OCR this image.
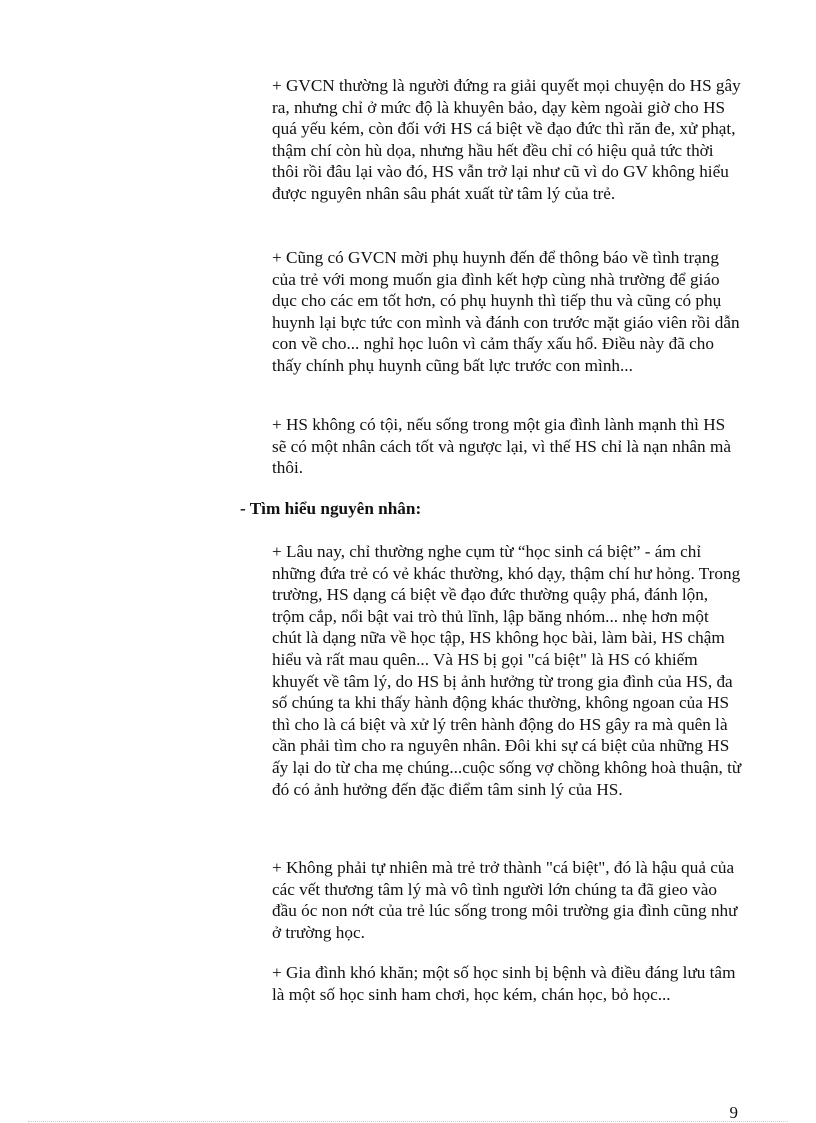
+ GVCN thường là người đứng ra giải quyết mọi chuyện do HS gây ra, nhưng chỉ ở mức độ là khuyên bảo, dạy kèm ngoài giờ cho HS quá yếu kém, còn đối với HS cá biệt về đạo đức thì răn đe, xử phạt, thậm chí còn hù dọa, nhưng hầu hết đều chỉ có hiệu quả tức thời thôi rồi đâu lại vào đó, HS vẫn trở lại như cũ vì do GV không hiểu được nguyên nhân sâu phát xuất từ tâm lý của trẻ.

+ Cũng có GVCN mời phụ huynh đến để thông báo về tình trạng của trẻ với mong muốn gia đình kết hợp cùng nhà trường để giáo dục cho các em tốt hơn, có phụ huynh thì tiếp thu và cũng có phụ huynh lại bực tức con mình và đánh con trước mặt giáo viên rồi dẫn con về cho... nghỉ học luôn vì cảm thấy xấu hổ. Điều này đã cho thấy chính phụ huynh cũng bất lực trước con mình...

+ HS không có tội, nếu sống trong một gia đình lành mạnh thì HS sẽ có một nhân cách tốt và ngược lại, vì thế HS chỉ là nạn nhân mà thôi.

- Tìm hiểu nguyên nhân:

+ Lâu nay, chỉ thường nghe cụm từ “học sinh cá biệt” - ám chỉ những đứa trẻ có vẻ khác thường, khó dạy, thậm chí hư hỏng. Trong trường, HS dạng cá biệt về đạo đức thường quậy phá, đánh lộn, trộm cắp, nổi bật vai trò thủ lĩnh, lập băng nhóm... nhẹ hơn một chút là dạng nữa về học tập, HS không học bài, làm bài, HS chậm hiểu và rất mau quên... Và HS bị gọi "cá biệt" là HS có khiếm khuyết về tâm lý, do HS bị ảnh hưởng từ trong gia đình của HS, đa số chúng ta khi thấy hành động khác thường, không ngoan của HS thì cho là cá biệt và xử lý trên hành động do HS gây ra mà quên là cần phải tìm cho ra nguyên nhân. Đôi khi sự cá biệt của những HS ấy lại do từ cha mẹ chúng...cuộc sống vợ chồng không hoà thuận, từ đó có ảnh hưởng đến đặc điểm tâm sinh lý của HS.

+ Không phải tự nhiên mà trẻ trở thành "cá biệt", đó là hậu quả của các vết thương tâm lý mà vô tình người lớn chúng ta đã gieo vào đầu óc non nớt của trẻ lúc sống trong môi trường gia đình cũng như ở trường học.

+ Gia đình khó khăn; một số học sinh bị bệnh và điều đáng lưu tâm là một số học sinh ham chơi, học kém, chán học, bỏ học...

9
